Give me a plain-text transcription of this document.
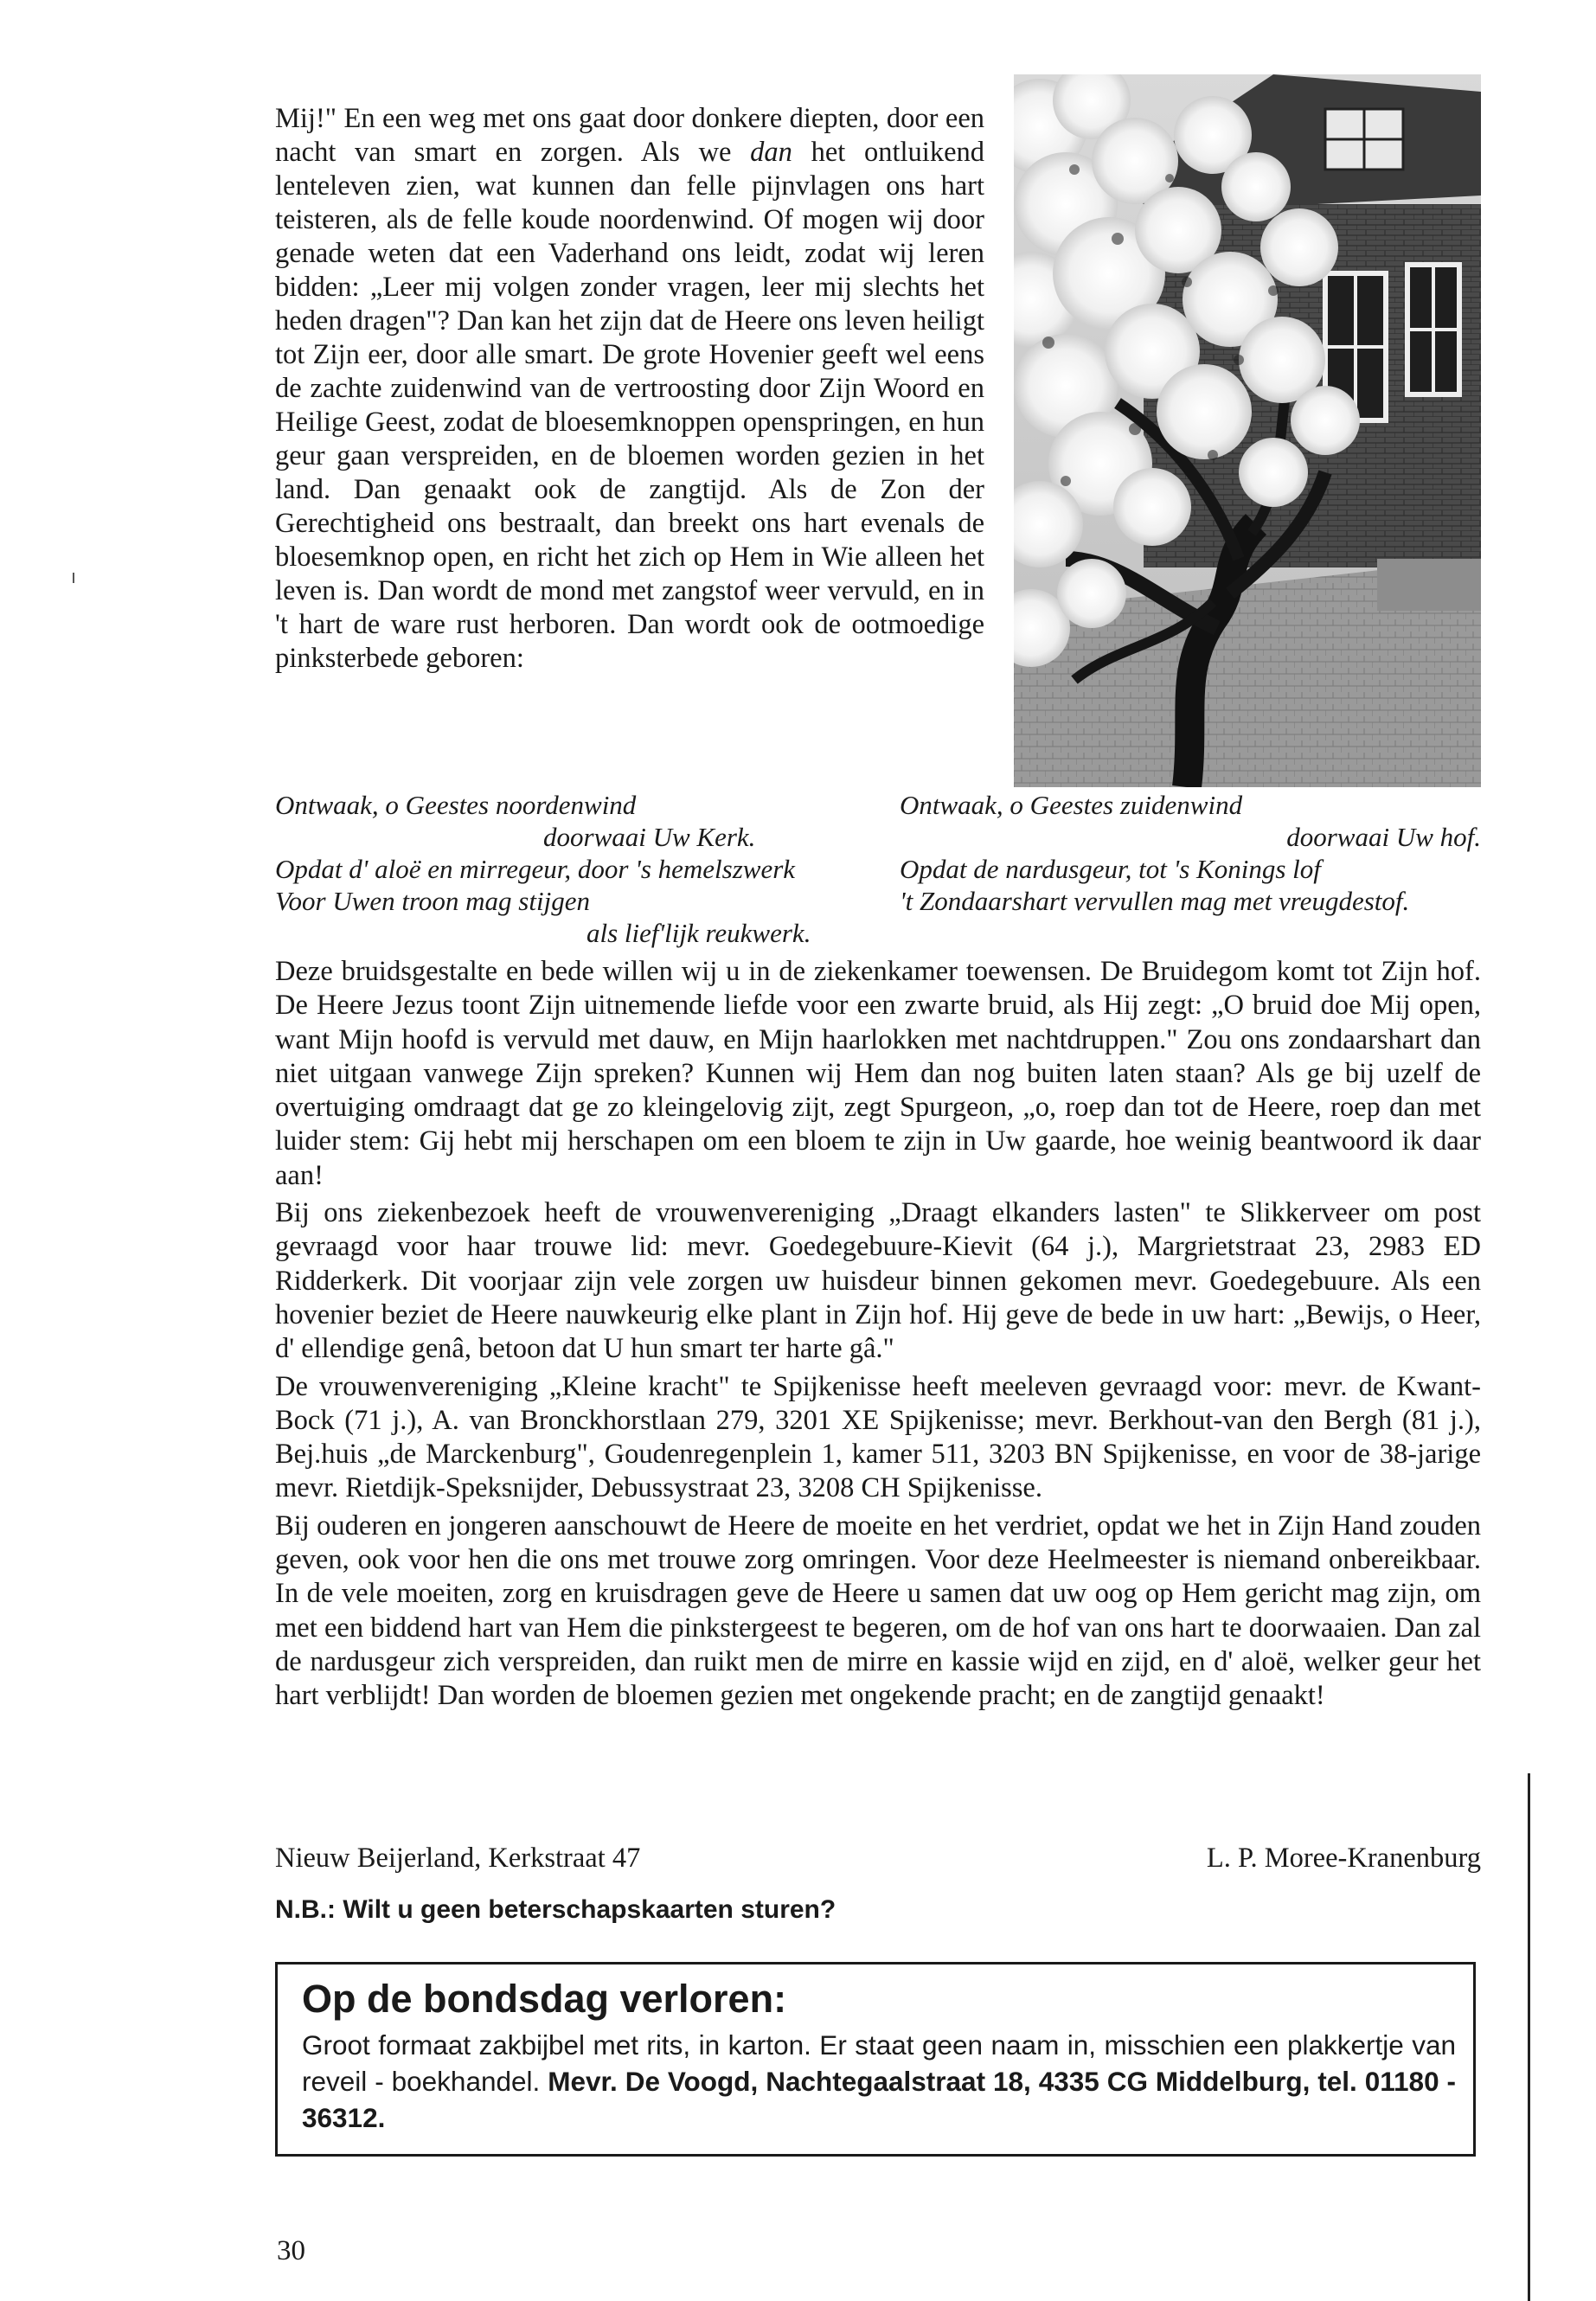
Mij!" En een weg met ons gaat door donkere diepten, door een nacht van smart en zorgen. Als we dan het ontluikend lenteleven zien, wat kunnen dan felle pijnvlagen ons hart teisteren, als de felle koude noordenwind. Of mogen wij door genade weten dat een Vaderhand ons leidt, zodat wij leren bidden: „Leer mij volgen zonder vragen, leer mij slechts het heden dragen"? Dan kan het zijn dat de Heere ons leven heiligt tot Zijn eer, door alle smart. De grote Hovenier geeft wel eens de zachte zuidenwind van de vertroosting door Zijn Woord en Heilige Geest, zodat de bloesemknoppen openspringen, en hun geur gaan verspreiden, en de bloemen worden gezien in het land. Dan genaakt ook de zangtijd. Als de Zon der Gerechtigheid ons bestraalt, dan breekt ons hart evenals de bloesemknop open, en richt het zich op Hem in Wie alleen het leven is. Dan wordt de mond met zangstof weer vervuld, en in 't hart de ware rust herboren. Dan wordt ook de ootmoedige pinksterbede geboren:

Ontwaak, o Geestes noordenwind

doorwaai Uw Kerk.

Opdat d' aloë en mirregeur, door 's hemelszwerk

Voor Uwen troon mag stijgen

als lief'lijk reukwerk.

Ontwaak, o Geestes zuidenwind

doorwaai Uw hof.

Opdat de nardusgeur, tot 's Konings lof

't Zondaarshart vervullen mag met vreugdestof.

Deze bruidsgestalte en bede willen wij u in de ziekenkamer toewensen. De Bruidegom komt tot Zijn hof. De Heere Jezus toont Zijn uitnemende liefde voor een zwarte bruid, als Hij zegt: „O bruid doe Mij open, want Mijn hoofd is vervuld met dauw, en Mijn haarlokken met nachtdruppen." Zou ons zondaarshart dan niet uitgaan vanwege Zijn spreken? Kunnen wij Hem dan nog buiten laten staan? Als ge bij uzelf de overtuiging omdraagt dat ge zo kleingelovig zijt, zegt Spurgeon, „o, roep dan tot de Heere, roep dan met luider stem: Gij hebt mij herschapen om een bloem te zijn in Uw gaarde, hoe weinig beantwoord ik daar aan!

Bij ons ziekenbezoek heeft de vrouwenvereniging „Draagt elkanders lasten" te Slikkerveer om post gevraagd voor haar trouwe lid: mevr. Goedegebuure-Kievit (64 j.), Margrietstraat 23, 2983 ED Ridderkerk. Dit voorjaar zijn vele zorgen uw huisdeur binnen gekomen mevr. Goedegebuure. Als een hovenier beziet de Heere nauwkeurig elke plant in Zijn hof. Hij geve de bede in uw hart: „Bewijs, o Heer, d' ellendige genâ, betoon dat U hun smart ter harte gâ."

De vrouwenvereniging „Kleine kracht" te Spijkenisse heeft meeleven gevraagd voor: mevr. de Kwant-Bock (71 j.), A. van Bronckhorstlaan 279, 3201 XE Spijkenisse; mevr. Berkhout-van den Bergh (81 j.), Bej.huis „de Marckenburg", Goudenregenplein 1, kamer 511, 3203 BN Spijkenisse, en voor de 38-jarige mevr. Rietdijk-Speksnijder, Debussystraat 23, 3208 CH Spijkenisse.

Bij ouderen en jongeren aanschouwt de Heere de moeite en het verdriet, opdat we het in Zijn Hand zouden geven, ook voor hen die ons met trouwe zorg omringen. Voor deze Heelmeester is niemand onbereikbaar. In de vele moeiten, zorg en kruisdragen geve de Heere u samen dat uw oog op Hem gericht mag zijn, om met een biddend hart van Hem die pinkstergeest te begeren, om de hof van ons hart te doorwaaien. Dan zal de nardusgeur zich verspreiden, dan ruikt men de mirre en kassie wijd en zijd, en d' aloë, welker geur het hart verblijdt! Dan worden de bloemen gezien met ongekende pracht; en de zangtijd genaakt!

Nieuw Beijerland, Kerkstraat 47	L. P. Moree-Kranenburg
N.B.: Wilt u geen beterschapskaarten sturen?

Op de bondsdag verloren:

Groot formaat zakbijbel met rits, in karton. Er staat geen naam in, misschien een plakkertje van reveil - boekhandel. Mevr. De Voogd, Nachtegaalstraat 18, 4335 CG Middelburg, tel. 01180 - 36312.

30
